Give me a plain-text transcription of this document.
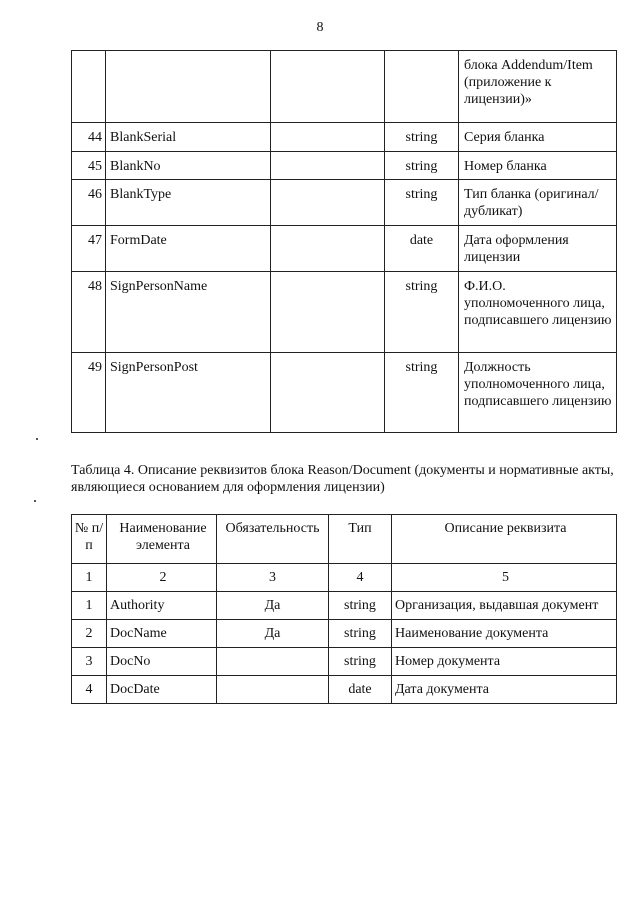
8
				блока Addendum/Item (приложение к лицензии)»
44	BlankSerial		string	Серия бланка
45	BlankNo		string	Номер бланка
46	BlankType		string	Тип бланка (оригинал/дубликат)
47	FormDate		date	Дата оформления лицензии
48	SignPersonName		string	Ф.И.О. уполномоченного лица, подписавшего лицензию
49	SignPersonPost		string	Должность уполномоченного лица, подписавшего лицензию
Таблица 4. Описание реквизитов блока Reason/Document (документы и нормативные акты, являющиеся основанием для оформления лицензии)
№ п/п	Наименование элемента	Обязательность	Тип	Описание реквизита
1	2	3	4	5
1	Authority	Да	string	Организация, выдавшая документ
2	DocName	Да	string	Наименование документа
3	DocNo		string	Номер документа
4	DocDate		date	Дата документа
